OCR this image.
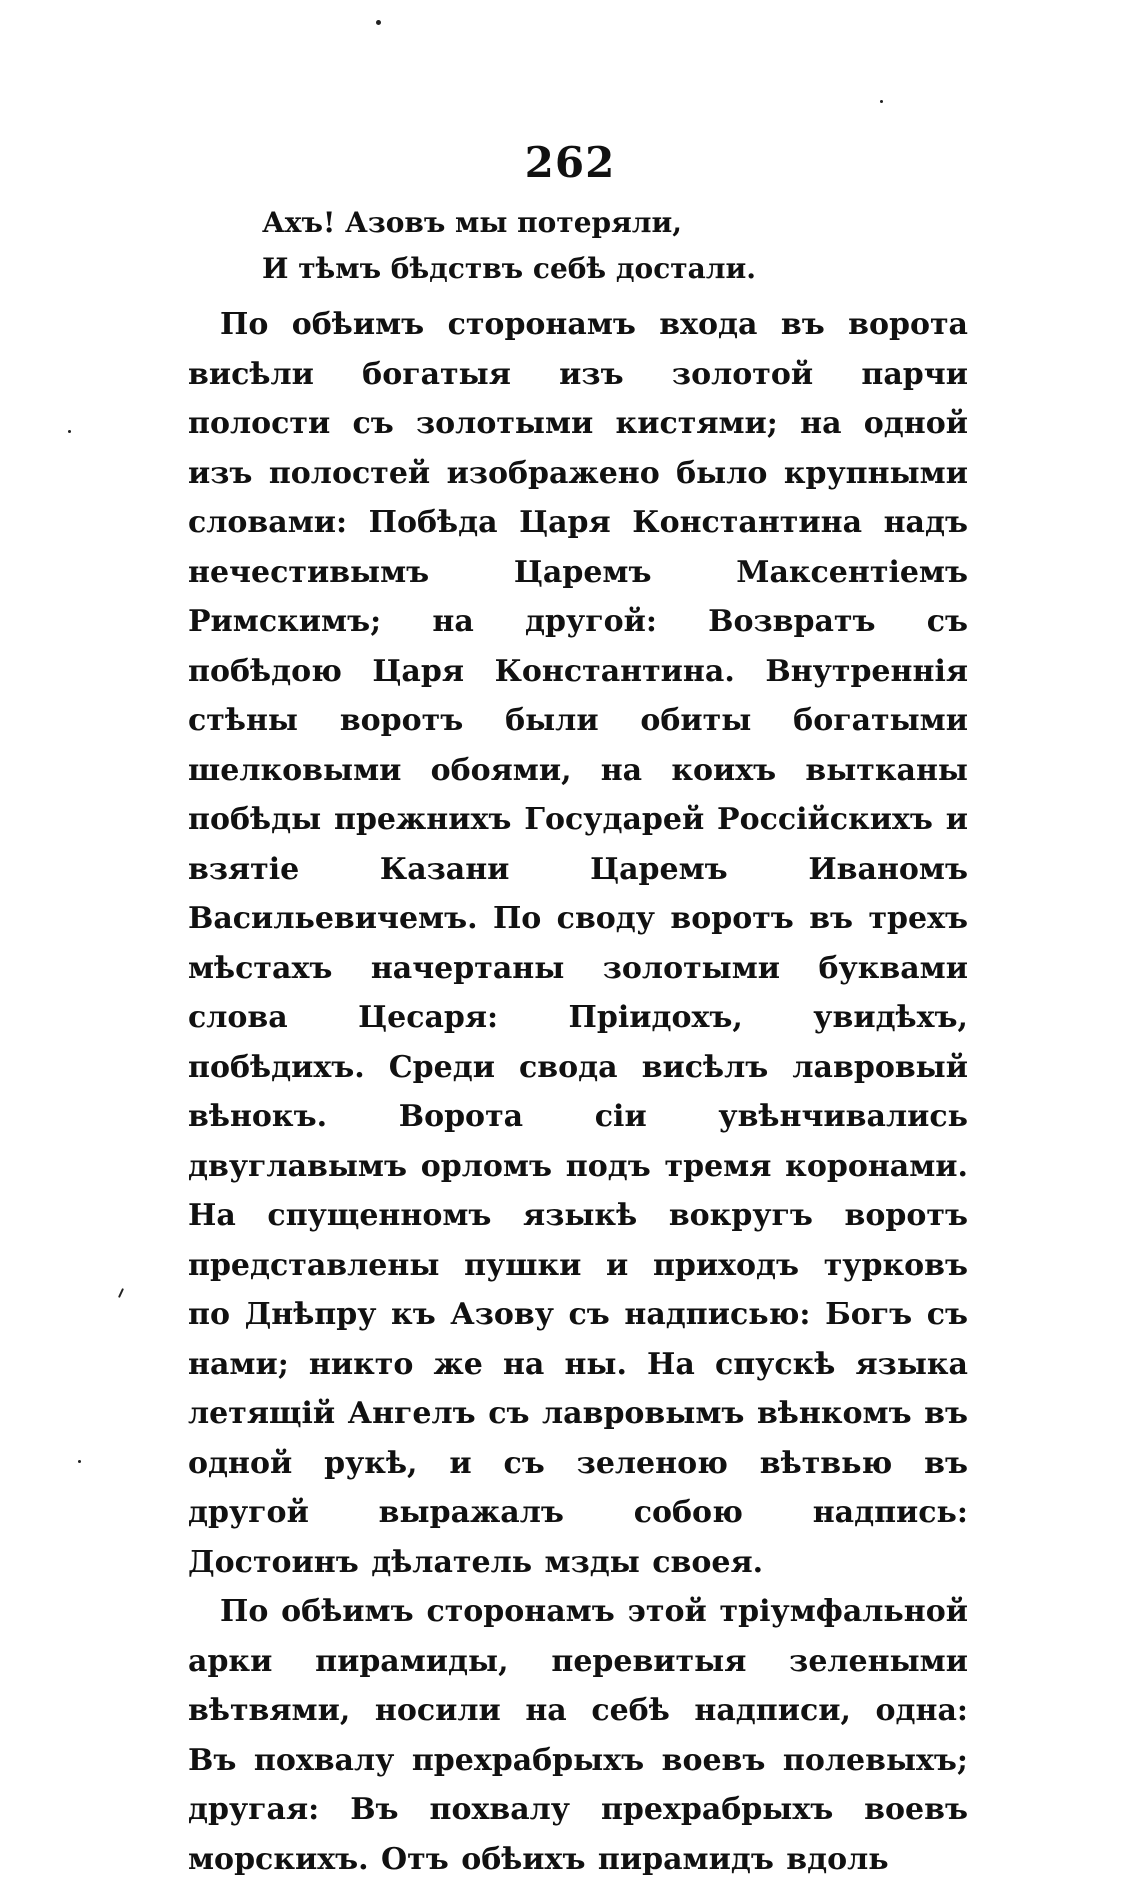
262
Ахъ! Азовъ мы потеряли,
И тѣмъ бѣдствъ себѣ достали.

По обѣимъ сторонамъ входа въ ворота висѣли богатыя изъ золотой парчи полости съ золотыми кистями; на одной изъ полостей изображено было крупными словами: Побѣда Царя Константина надъ нечестивымъ Царемъ Максентіемъ Римскимъ; на другой: Возвратъ съ побѣдою Царя Константина. Внутреннія стѣны воротъ были обиты богатыми шелковыми обоями, на коихъ вытканы побѣды прежнихъ Государей Россійскихъ и взятіе Казани Царемъ Иваномъ Васильевичемъ. По своду воротъ въ трехъ мѣстахъ начертаны золотыми буквами слова Цесаря: Пріидохъ, увидѣхъ, побѣдихъ. Среди свода висѣлъ лавровый вѣнокъ. Ворота сіи увѣнчивались двуглавымъ орломъ подъ тремя коронами. На спущенномъ языкѣ вокругъ воротъ представлены пушки и приходъ турковъ по Днѣпру къ Азову съ надписью: Богъ съ нами; никто же на ны. На спускѣ языка летящій Ангелъ съ лавровымъ вѣнкомъ въ одной рукѣ, и съ зеленою вѣтвью въ другой выражалъ собою надпись: Достоинъ дѣлатель мзды своея.

По обѣимъ сторонамъ этой тріумфальной арки пирамиды, перевитыя зелеными вѣтвями, носили на себѣ надписи, одна: Въ похвалу прехрабрыхъ воевъ полевыхъ; другая: Въ похвалу прехрабрыхъ воевъ морскихъ. Отъ обѣихъ пирамидъ вдоль
